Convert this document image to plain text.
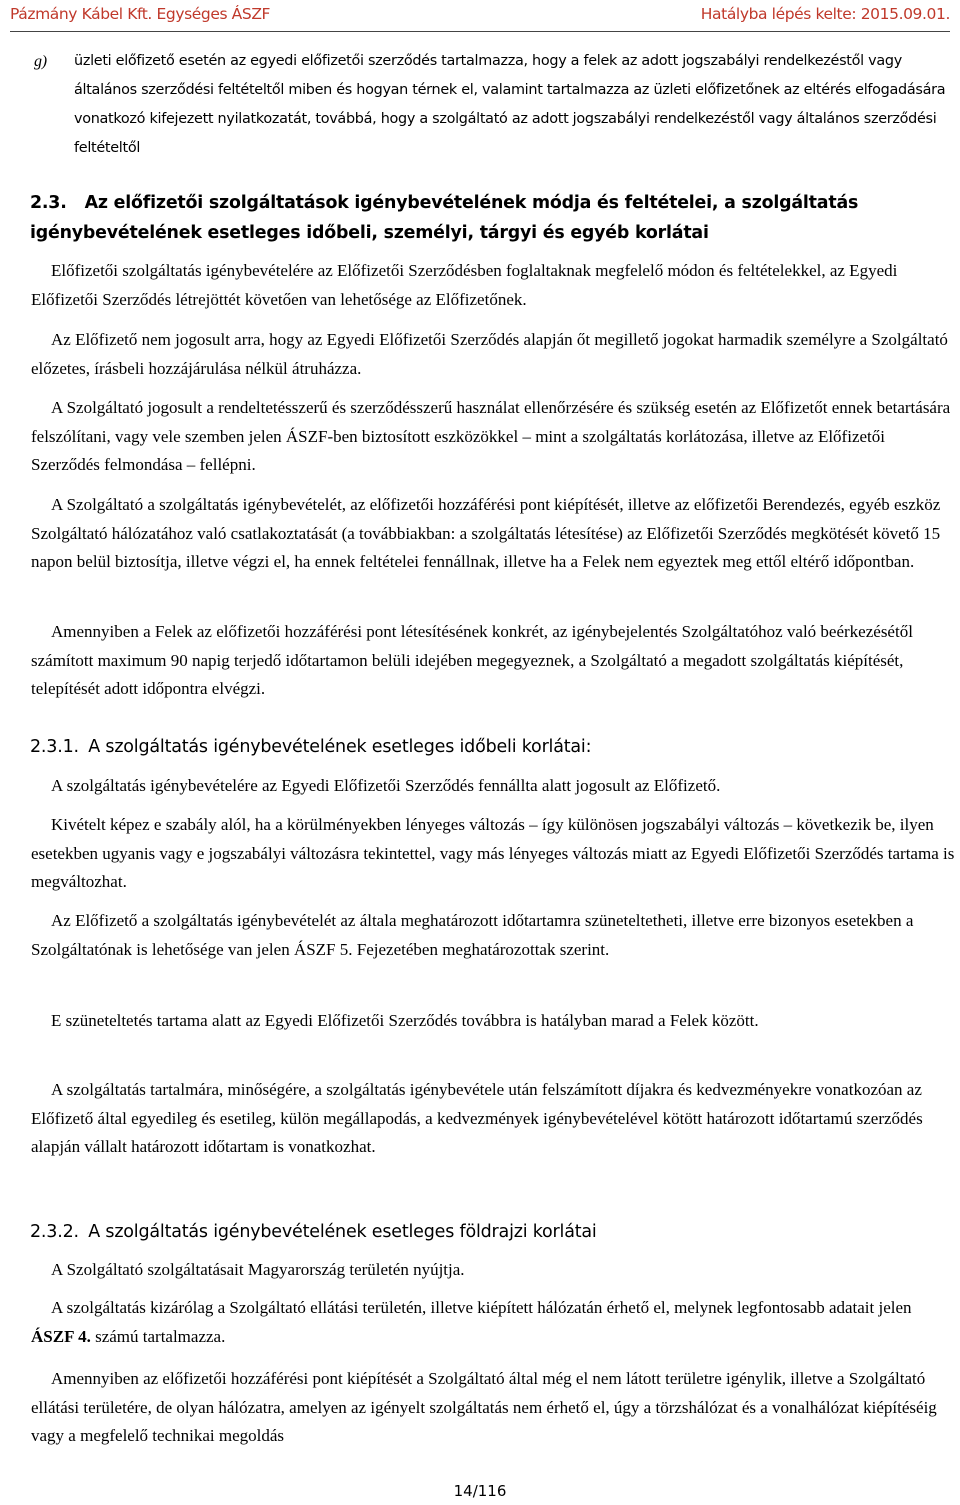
Pázmány Kábel Kft. Egységes ÁSZF	Hatályba lépés kelte: 2015.09.01.
g) üzleti előfizető esetén az egyedi előfizetői szerződés tartalmazza, hogy a felek az adott jogszabályi rendelkezéstől vagy általános szerződési feltételtől miben és hogyan térnek el, valamint tartalmazza az üzleti előfizetőnek az eltérés elfogadására vonatkozó kifejezett nyilatkozatát, továbbá, hogy a szolgáltató az adott jogszabályi rendelkezéstől vagy általános szerződési feltételtől
2.3. Az előfizetői szolgáltatások igénybevételének módja és feltételei, a szolgáltatás igénybevételének esetleges időbeli, személyi, tárgyi és egyéb korlátai
Előfizetői szolgáltatás igénybevételére az Előfizetői Szerződésben foglaltaknak megfelelő módon és feltételekkel, az Egyedi Előfizetői Szerződés létrejöttét követően van lehetősége az Előfizetőnek.
Az Előfizető nem jogosult arra, hogy az Egyedi Előfizetői Szerződés alapján őt megillető jogokat harmadik személyre a Szolgáltató előzetes, írásbeli hozzájárulása nélkül átruházza.
A Szolgáltató jogosult a rendeltetésszerű és szerződésszerű használat ellenőrzésére és szükség esetén az Előfizetőt ennek betartására felszólítani, vagy vele szemben jelen ÁSZF-ben biztosított eszközökkel – mint a szolgáltatás korlátozása, illetve az Előfizetői Szerződés felmondása – fellépni.
A Szolgáltató a szolgáltatás igénybevételét, az előfizetői hozzáférési pont kiépítését, illetve az előfizetői Berendezés, egyéb eszköz Szolgáltató hálózatához való csatlakoztatását (a továbbiakban: a szolgáltatás létesítése) az Előfizetői Szerződés megkötését követő 15 napon belül biztosítja, illetve végzi el, ha ennek feltételei fennállnak, illetve ha a Felek nem egyeztek meg ettől eltérő időpontban.
Amennyiben a Felek az előfizetői hozzáférési pont létesítésének konkrét, az igénybejelentés Szolgáltatóhoz való beérkezésétől számított maximum 90 napig terjedő időtartamon belüli idejében megegyeznek, a Szolgáltató a megadott szolgáltatás kiépítését, telepítését adott időpontra elvégzi.
2.3.1. A szolgáltatás igénybevételének esetleges időbeli korlátai:
A szolgáltatás igénybevételére az Egyedi Előfizetői Szerződés fennállta alatt jogosult az Előfizető.
Kivételt képez e szabály alól, ha a körülményekben lényeges változás – így különösen jogszabályi változás – következik be, ilyen esetekben ugyanis vagy e jogszabályi változásra tekintettel, vagy más lényeges változás miatt az Egyedi Előfizetői Szerződés tartama is megváltozhat.
Az Előfizető a szolgáltatás igénybevételét az általa meghatározott időtartamra szüneteltetheti, illetve erre bizonyos esetekben a Szolgáltatónak is lehetősége van jelen ÁSZF 5. Fejezetében meghatározottak szerint.
E szüneteltetés tartama alatt az Egyedi Előfizetői Szerződés továbbra is hatályban marad a Felek között.
A szolgáltatás tartalmára, minőségére, a szolgáltatás igénybevétele után felszámított díjakra és kedvezményekre vonatkozóan az Előfizető által egyedileg és esetileg, külön megállapodás, a kedvezmények igénybevételével kötött határozott időtartamú szerződés alapján vállalt határozott időtartam is vonatkozhat.
2.3.2. A szolgáltatás igénybevételének esetleges földrajzi korlátai
A Szolgáltató szolgáltatásait Magyarország területén nyújtja.
A szolgáltatás kizárólag a Szolgáltató ellátási területén, illetve kiépített hálózatán érhető el, melynek legfontosabb adatait jelen ÁSZF 4. számú tartalmazza.
Amennyiben az előfizetői hozzáférési pont kiépítését a Szolgáltató által még el nem látott területre igénylik, illetve a Szolgáltató ellátási területére, de olyan hálózatra, amelyen az igényelt szolgáltatás nem érhető el, úgy a törzshálózat és a vonalhálózat kiépítéséig vagy a megfelelő technikai megoldás
14/116
